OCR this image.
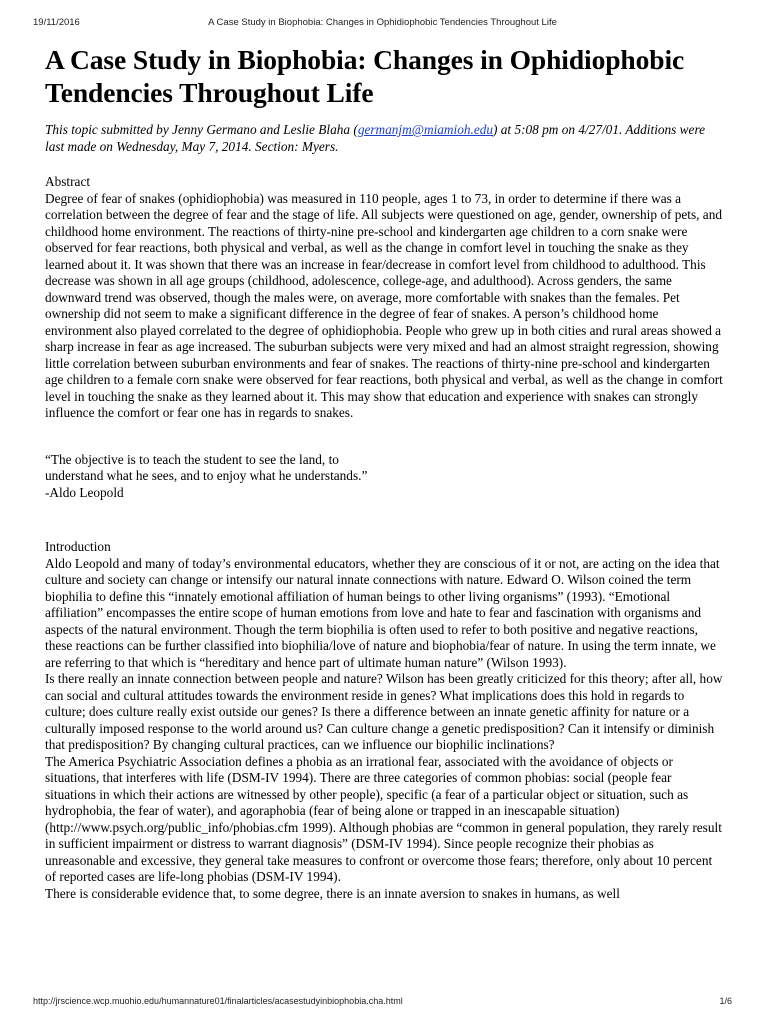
19/11/2016	A Case Study in Biophobia: Changes in Ophidiophobic Tendencies Throughout Life
A Case Study in Biophobia: Changes in Ophidiophobic Tendencies Throughout Life
This topic submitted by Jenny Germano and Leslie Blaha (germanjm@miamioh.edu) at 5:08 pm on 4/27/01. Additions were last made on Wednesday, May 7, 2014. Section: Myers.
Abstract

Degree of fear of snakes (ophidiophobia) was measured in 110 people, ages 1 to 73, in order to determine if there was a correlation between the degree of fear and the stage of life. All subjects were questioned on age, gender, ownership of pets, and childhood home environment. The reactions of thirty-nine pre-school and kindergarten age children to a corn snake were observed for fear reactions, both physical and verbal, as well as the change in comfort level in touching the snake as they learned about it. It was shown that there was an increase in fear/decrease in comfort level from childhood to adulthood. This decrease was shown in all age groups (childhood, adolescence, college-age, and adulthood). Across genders, the same downward trend was observed, though the males were, on average, more comfortable with snakes than the females. Pet ownership did not seem to make a significant difference in the degree of fear of snakes. A person’s childhood home environment also played correlated to the degree of ophidiophobia. People who grew up in both cities and rural areas showed a sharp increase in fear as age increased. The suburban subjects were very mixed and had an almost straight regression, showing little correlation between suburban environments and fear of snakes. The reactions of thirty-nine pre-school and kindergarten age children to a female corn snake were observed for fear reactions, both physical and verbal, as well as the change in comfort level in touching the snake as they learned about it. This may show that education and experience with snakes can strongly influence the comfort or fear one has in regards to snakes.

“The objective is to teach the student to see the land, to
understand what he sees, and to enjoy what he understands.”
-Aldo Leopold
Introduction

Aldo Leopold and many of today’s environmental educators, whether they are conscious of it or not, are acting on the idea that culture and society can change or intensify our natural innate connections with nature. Edward O. Wilson coined the term biophilia to define this “innately emotional affiliation of human beings to other living organisms” (1993). “Emotional affiliation” encompasses the entire scope of human emotions from love and hate to fear and fascination with organisms and aspects of the natural environment. Though the term biophilia is often used to refer to both positive and negative reactions, these reactions can be further classified into biophilia/love of nature and biophobia/fear of nature. In using the term innate, we are referring to that which is “hereditary and hence part of ultimate human nature” (Wilson 1993).

Is there really an innate connection between people and nature? Wilson has been greatly criticized for this theory; after all, how can social and cultural attitudes towards the environment reside in genes? What implications does this hold in regards to culture; does culture really exist outside our genes? Is there a difference between an innate genetic affinity for nature or a culturally imposed response to the world around us? Can culture change a genetic predisposition? Can it intensify or diminish that predisposition? By changing cultural practices, can we influence our biophilic inclinations?

The America Psychiatric Association defines a phobia as an irrational fear, associated with the avoidance of objects or situations, that interferes with life (DSM-IV 1994). There are three categories of common phobias: social (people fear situations in which their actions are witnessed by other people), specific (a fear of a particular object or situation, such as hydrophobia, the fear of water), and agoraphobia (fear of being alone or trapped in an inescapable situation) (http://www.psych.org/public_info/phobias.cfm 1999). Although phobias are “common in general population, they rarely result in sufficient impairment or distress to warrant diagnosis” (DSM-IV 1994). Since people recognize their phobias as unreasonable and excessive, they general take measures to confront or overcome those fears; therefore, only about 10 percent of reported cases are life-long phobias (DSM-IV 1994).

There is considerable evidence that, to some degree, there is an innate aversion to snakes in humans, as well

http://jrscience.wcp.muohio.edu/humannature01/finalarticles/acasestudyinbiophobia.cha.html	1/6
